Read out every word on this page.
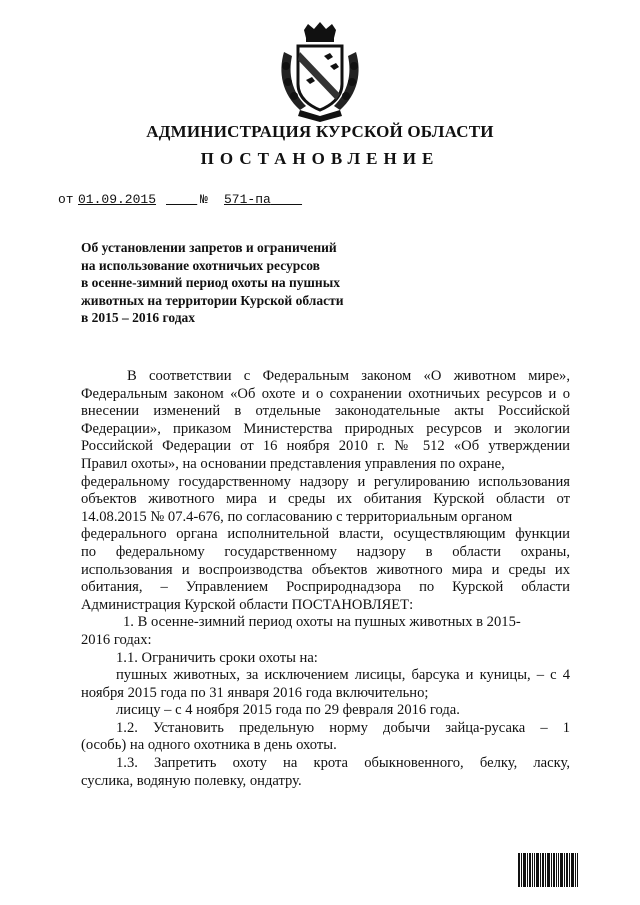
АДМИНИСТРАЦИЯ КУРСКОЙ ОБЛАСТИ
ПОСТАНОВЛЕНИЕ
от 01.09.2015
	№ 571-па
Об установлении запретов и ограничений
на использование охотничьих ресурсов
в осенне-зимний период охоты на пушных
животных на территории Курской области
в 2015 – 2016 годах
В соответствии с Федеральным законом «О животном мире»,
Федеральным законом «Об охоте и о сохранении охотничьих ресурсов и о
внесении изменений в отдельные законодательные акты Российской
Федерации», приказом Министерства природных ресурсов и экологии
Российской Федерации от 16 ноября 2010 г. № 512 «Об утверждении
Правил охоты», на основании представления управления по охране,
федеральному государственному надзору и регулированию использования
объектов животного мира и среды их обитания Курской области от
14.08.2015 № 07.4-676, по согласованию с территориальным органом
федерального органа исполнительной власти, осуществляющим функции
по федеральному государственному надзору в области охраны,
использования и воспроизводства объектов животного мира и среды их
обитания, – Управлением Росприроднадзора по Курской области
Администрация Курской области ПОСТАНОВЛЯЕТ:
1. В осенне-зимний период охоты на пушных животных в 2015-
2016 годах:
1.1. Ограничить сроки охоты на:
пушных животных, за исключением лисицы, барсука и куницы, – с 4
ноября 2015 года по 31 января 2016 года включительно;
лисицу – с 4 ноября 2015 года по 29 февраля 2016 года.
1.2. Установить предельную норму добычи зайца-русака – 1
(особь) на одного охотника в день охоты.
1.3. Запретить охоту на крота обыкновенного, белку, ласку,
суслика, водяную полевку, ондатру.
